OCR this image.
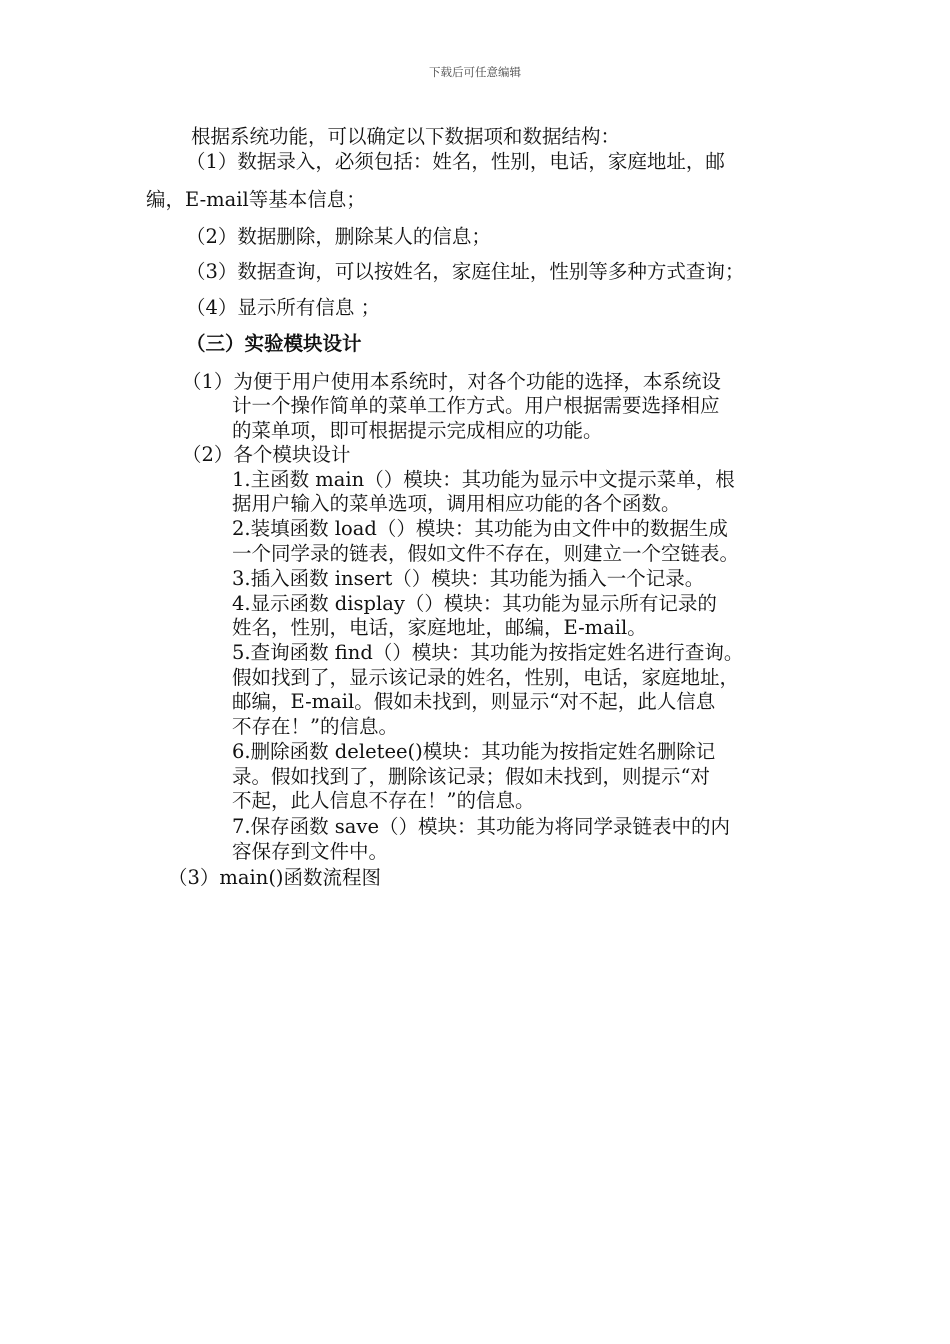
下载后可任意编辑
根据系统功能，可以确定以下数据项和数据结构：
（1）数据录入，必须包括：姓名，性别，电话，家庭地址，邮
编，E-mail等基本信息；
（2）数据删除，删除某人的信息；
（3）数据查询，可以按姓名，家庭住址，性别等多种方式查询；
（4）显示所有信息 ；
（三）实验模块设计
（1）为便于用户使用本系统时，对各个功能的选择，本系统设
计一个操作简单的菜单工作方式。用户根据需要选择相应
的菜单项，即可根据提示完成相应的功能。
（2）各个模块设计
1.主函数 main（）模块：其功能为显示中文提示菜单，根
据用户输入的菜单选项，调用相应功能的各个函数。
2.装填函数 load（）模块：其功能为由文件中的数据生成
一个同学录的链表，假如文件不存在，则建立一个空链表。
3.插入函数 insert（）模块：其功能为插入一个记录。
4.显示函数 display（）模块：其功能为显示所有记录的
姓名，性别，电话，家庭地址，邮编，E-mail。
5.查询函数 find（）模块：其功能为按指定姓名进行查询。
假如找到了，显示该记录的姓名，性别，电话，家庭地址，
邮编，E-mail。假如未找到，则显示“对不起，此人信息
不存在！”的信息。
6.删除函数 deletee()模块：其功能为按指定姓名删除记
录。假如找到了，删除该记录；假如未找到，则提示“对
不起，此人信息不存在！”的信息。
7.保存函数 save（）模块：其功能为将同学录链表中的内
容保存到文件中。
（3）main()函数流程图
